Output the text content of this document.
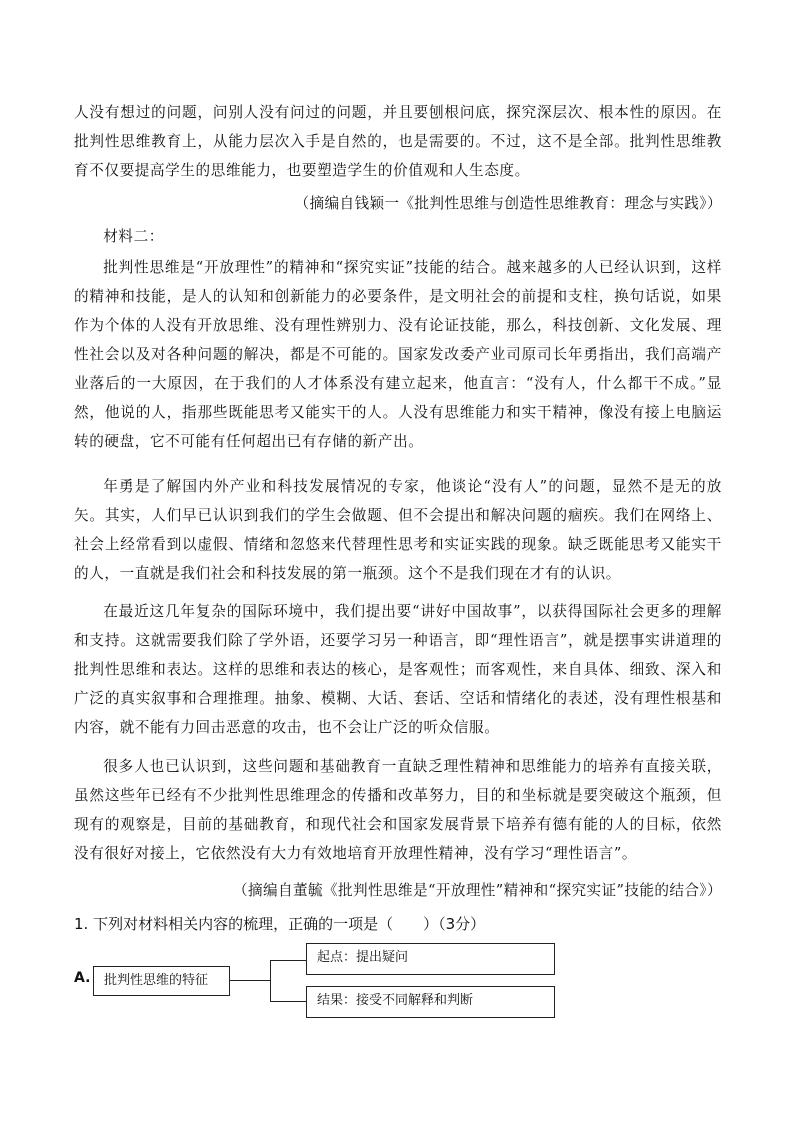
人没有想过的问题，问别人没有问过的问题，并且要刨根问底，探究深层次、根本性的原因。在批判性思维教育上，从能力层次入手是自然的，也是需要的。不过，这不是全部。批判性思维教育不仅要提高学生的思维能力，也要塑造学生的价值观和人生态度。

（摘编自钱颖一《批判性思维与创造性思维教育：理念与实践》）

材料二：

批判性思维是“开放理性”的精神和“探究实证”技能的结合。越来越多的人已经认识到，这样的精神和技能，是人的认知和创新能力的必要条件，是文明社会的前提和支柱，换句话说，如果作为个体的人没有开放思维、没有理性辨别力、没有论证技能，那么，科技创新、文化发展、理性社会以及对各种问题的解决，都是不可能的。国家发改委产业司原司长年勇指出，我们高端产业落后的一大原因，在于我们的人才体系没有建立起来，他直言：“没有人，什么都干不成。”显然，他说的人，指那些既能思考又能实干的人。人没有思维能力和实干精神，像没有接上电脑运转的硬盘，它不可能有任何超出已有存储的新产出。

年勇是了解国内外产业和科技发展情况的专家，他谈论“没有人”的问题，显然不是无的放矢。其实，人们早已认识到我们的学生会做题、但不会提出和解决问题的痼疾。我们在网络上、社会上经常看到以虚假、情绪和忽悠来代替理性思考和实证实践的现象。缺乏既能思考又能实干的人，一直就是我们社会和科技发展的第一瓶颈。这个不是我们现在才有的认识。

在最近这几年复杂的国际环境中，我们提出要“讲好中国故事”，以获得国际社会更多的理解和支持。这就需要我们除了学外语，还要学习另一种语言，即“理性语言”，就是摆事实讲道理的批判性思维和表达。这样的思维和表达的核心，是客观性；而客观性，来自具体、细致、深入和广泛的真实叙事和合理推理。抽象、模糊、大话、套话、空话和情绪化的表述，没有理性根基和内容，就不能有力回击恶意的攻击，也不会让广泛的听众信服。

很多人也已认识到，这些问题和基础教育一直缺乏理性精神和思维能力的培养有直接关联，虽然这些年已经有不少批判性思维理念的传播和改革努力，目的和坐标就是要突破这个瓶颈，但现有的观察是，目前的基础教育，和现代社会和国家发展背景下培养有德有能的人的目标，依然没有很好对接上，它依然没有大力有效地培育开放理性精神，没有学习“理性语言”。

（摘编自董毓《批判性思维是“开放理性”精神和“探究实证”技能的结合》）

1. 下列对材料相关内容的梳理，正确的一项是（　　）（3分）

A.	批判性思维的特征
起点：提出疑问
结果：接受不同解释和判断
